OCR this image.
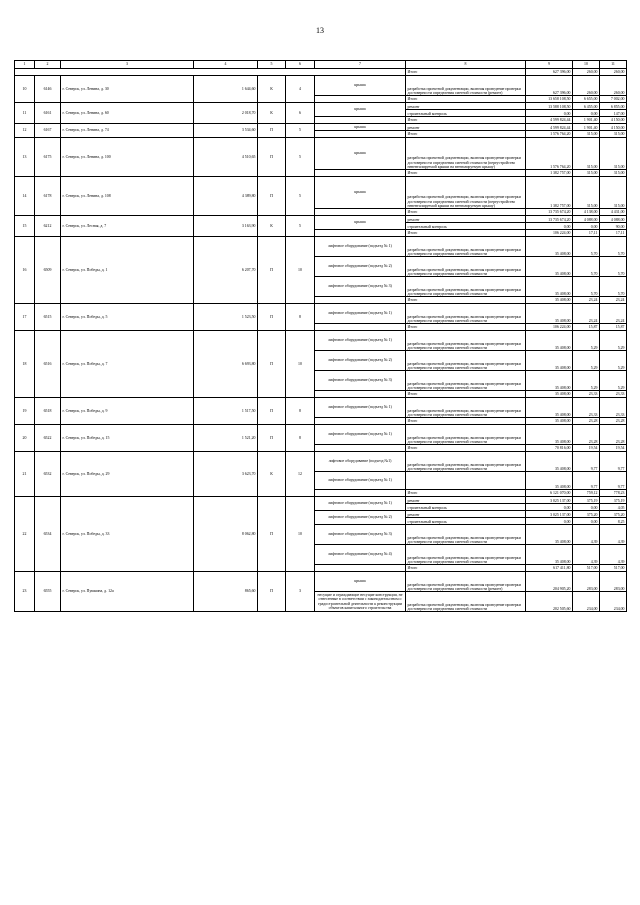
13
1	2	3	4	5	6	7	8	9	10	11
							Итого	627 396,00	260,00	260,00
10	6146	г. Северск, ул. Ленина, д. 30	1 644,60	К	4	крыша	разработка проектной документации, включая проведение проверки достоверности определения сметной стоимости (ремонт)	627 396,00	260,00	260,00
							Итого	13 658 108,50	6 655,00	7 002,00
11	6161	г. Северск, ул. Ленина, д. 60	2 018,70	К	6	крыша	ремонт	13 588 108,50	6 455,00	6 855,00
							строительный контроль	0,00	0,00	147,00
							Итого	4 599 824,44	1 901,40	4 150,00
12	6167	г. Северск, ул. Ленина, д. 74	3 534,60	П	5	крыша	ремонт	4 599 824,44	1 901,40	4 150,00
							Итого	1 576 764,20	315,00	315,00
13	6175	г. Северск, ул. Ленина, д. 100	4 510,65	П	5	крыша	разработка проектной документации, включая проведение проверки достоверности определения сметной стоимости (переустройство невентилируемой крыши на вентилируемую крышу)	1 576 764,20	315,00	315,00
							Итого	1 382 757,00	315,00	315,00
14	6178	г. Северск, ул. Ленина, д. 108	4 389,80	П	5	крыша	разработка проектной документации, включая проведение проверки достоверности определения сметной стоимости (переустройство невентилируемой крыши на вентилируемую крышу)	1 382 757,00	315,00	315,00
							Итого	13 735 674,20	4 138,00	4 431,00
15	6212	г. Северск, ул. Лесная, д. 7	3 163,90	К	5	крыша	ремонт	13 735 674,20	4 088,00	4 088,00
							строительный контроль	0,00	0,00	90,00
							Итого	106 224,00	17,11	17,11
16	6509	г. Северск, ул. Победы, д. 1	6 207,70	П	10	лифтовое оборудование (подъезд № 1)	разработка проектной документации, включая проведение проверки достоверности определения сметной стоимости	35 408,00	5,70	5,70
						лифтовое оборудование (подъезд № 2)	разработка проектной документации, включая проведение проверки достоверности определения сметной стоимости	35 408,00	5,70	5,70
						лифтовое оборудование (подъезд № 3)	разработка проектной документации, включая проведение проверки достоверности определения сметной стоимости	35 408,00	5,70	5,70
							Итого	35 408,00	23,24	23,24
17	6515	г. Северск, ул. Победы, д. 5	1 523,50	П	8	лифтовое оборудование (подъезд № 1)	разработка проектной документации, включая проведение проверки достоверности определения сметной стоимости	35 408,00	23,24	23,24
							Итого	106 224,00	15,87	15,87
18	6516	г. Северск, ул. Победы, д. 7	6 693,80	П	10	лифтовое оборудование (подъезд № 1)	разработка проектной документации, включая проведение проверки достоверности определения сметной стоимости	35 408,00	5,29	5,29
						лифтовое оборудование (подъезд № 2)	разработка проектной документации, включая проведение проверки достоверности определения сметной стоимости	35 408,00	5,29	5,29
						лифтовое оборудование (подъезд № 3)	разработка проектной документации, включая проведение проверки достоверности определения сметной стоимости	35 408,00	5,29	5,29
							Итого	35 408,00	23,33	23,33
19	6518	г. Северск, ул. Победы, д. 9	1 517,50	П	8	лифтовое оборудование (подъезд № 1)	разработка проектной документации, включая проведение проверки достоверности определения сметной стоимости	35 408,00	23,33	23,33
							Итого	35 408,00	23,28	23,28
20	6522	г. Северск, ул. Победы, д. 15	1 521,20	П	8	лифтовое оборудование (подъезд № 1)	разработка проектной документации, включая проведение проверки достоверности определения сметной стоимости	35 408,00	23,28	23,28
							Итого	70 816,00	19,54	19,54
21	6532	г. Северск, ул. Победы, д. 29	3 623,70	К	12	лифтовое оборудование (подъезд №1)	разработка проектной документации, включая проведение проверки достоверности определения сметной стоимости	35 408,00	9,77	9,77
						лифтовое оборудование (подъезд № 1)		35 408,00	9,77	9,77
							Итого	6 121 070,00	759,12	778,23
22	6534	г. Северск, ул. Победы, д. 33	8 062,80	П	10	лифтовое оборудование (подъезд № 1)	ремонт	3 025 137,00	375,19	375,19
							строительный контроль	0,00	0,00	4,05
						лифтовое оборудование (подъезд № 2)	ремонт	3 025 137,00	375,20	375,20
							строительный контроль	0,00	0,00	8,25
						лифтовое оборудование (подъезд № 3)	разработка проектной документации, включая проведение проверки достоверности определения сметной стоимости	35 408,00	4,39	4,39
						лифтовое оборудование (подъезд № 4)	разработка проектной документации, включая проведение проверки достоверности определения сметной стоимости	35 408,00	4,39	4,39
							Итого	617 411,80	517,00	517,00
23	6555	г. Северск, ул. Пушкина, д. 12а	865,60	П	3	крыша	разработка проектной документации, включая проведение проверки достоверности определения сметной стоимости (ремонт)	204 905,20	283,00	283,00
						несущие и ограждающие несущие конструкции, не отнесенные в соответствии с законодательством о градостроительной деятельности к реконструкции объектов капитального строительства	разработка проектной документации, включая проведение проверки достоверности определения сметной стоимости	202 505,60	234,00	234,00
